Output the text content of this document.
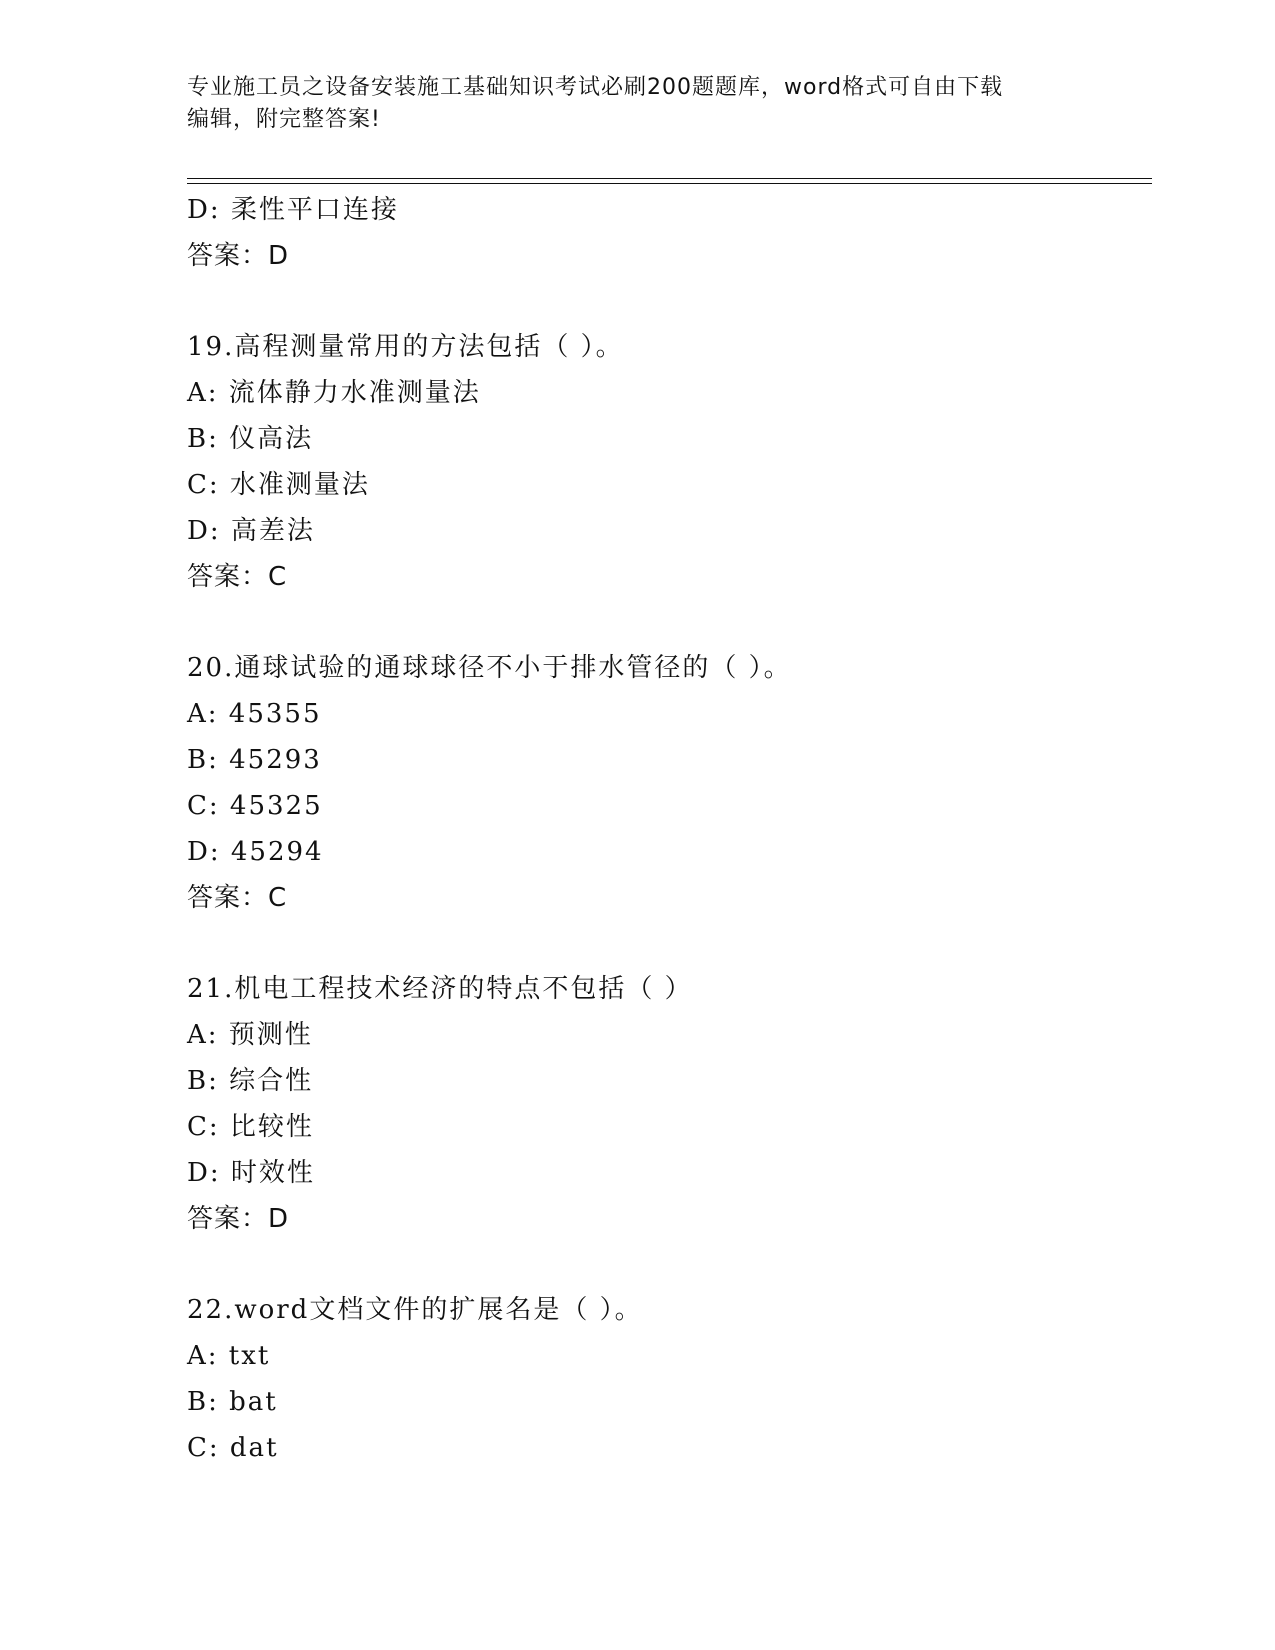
专业施工员之设备安装施工基础知识考试必刷200题题库，word格式可自由下载
编辑，附完整答案!
D: 柔性平口连接
答案：D
19.高程测量常用的方法包括（ ）。
A: 流体静力水准测量法
B: 仪高法
C: 水准测量法
D: 高差法
答案：C
20.通球试验的通球球径不小于排水管径的（ ）。
A: 45355
B: 45293
C: 45325
D: 45294
答案：C
21.机电工程技术经济的特点不包括（ ）
A: 预测性
B: 综合性
C: 比较性
D: 时效性
答案：D
22.word文档文件的扩展名是（ ）。
A: txt
B: bat
C: dat
